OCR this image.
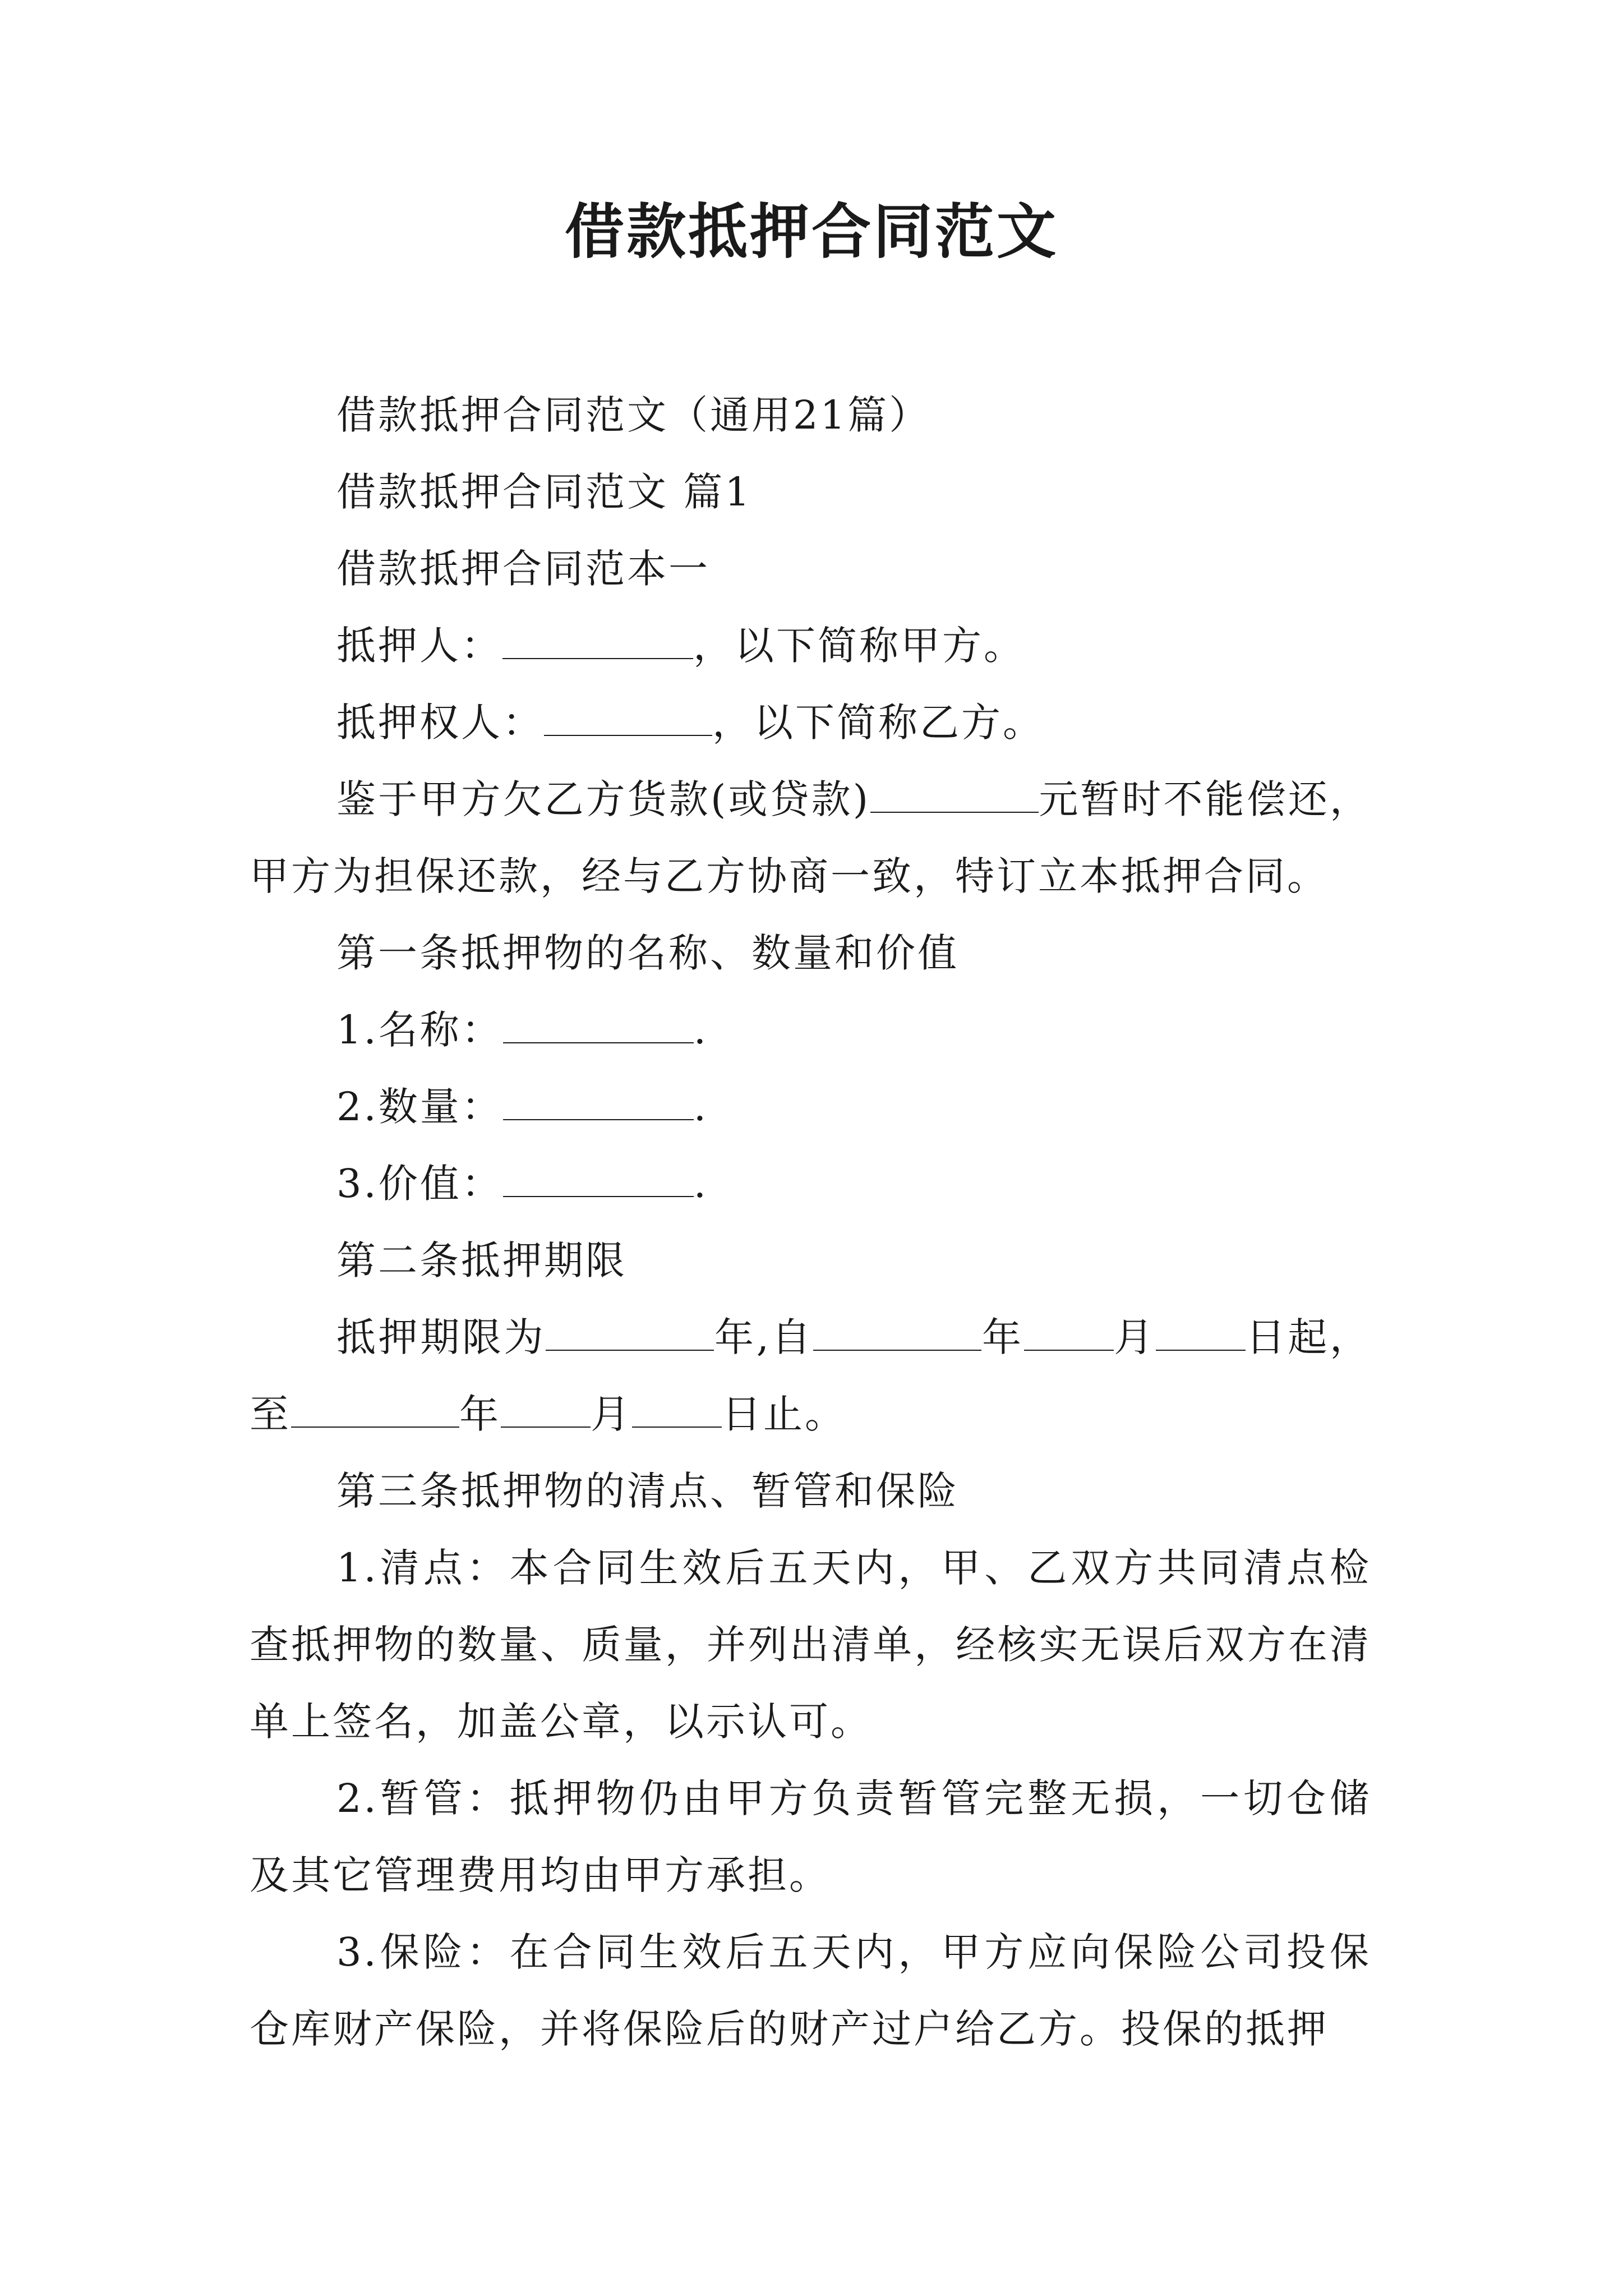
借款抵押合同范文
借款抵押合同范文（通用21篇）
借款抵押合同范文 篇1
借款抵押合同范本一
抵押人：	，以下简称甲方。
抵押权人：	，以下简称乙方。
鉴于甲方欠乙方货款(或贷款)	元暂时不能偿还，甲方为担保还款，经与乙方协商一致，特订立本抵押合同。
第一条抵押物的名称、数量和价值
1.名称：	.
2.数量：	.
3.价值：	.
第二条抵押期限
抵押期限为	年,自	年 月 日起，至	年 月 日止。
第三条抵押物的清点、暂管和保险
1.清点：本合同生效后五天内，甲、乙双方共同清点检查抵押物的数量、质量，并列出清单，经核实无误后双方在清单上签名，加盖公章，以示认可。
2.暂管：抵押物仍由甲方负责暂管完整无损，一切仓储及其它管理费用均由甲方承担。
3.保险：在合同生效后五天内，甲方应向保险公司投保仓库财产保险，并将保险后的财产过户给乙方。投保的抵押
